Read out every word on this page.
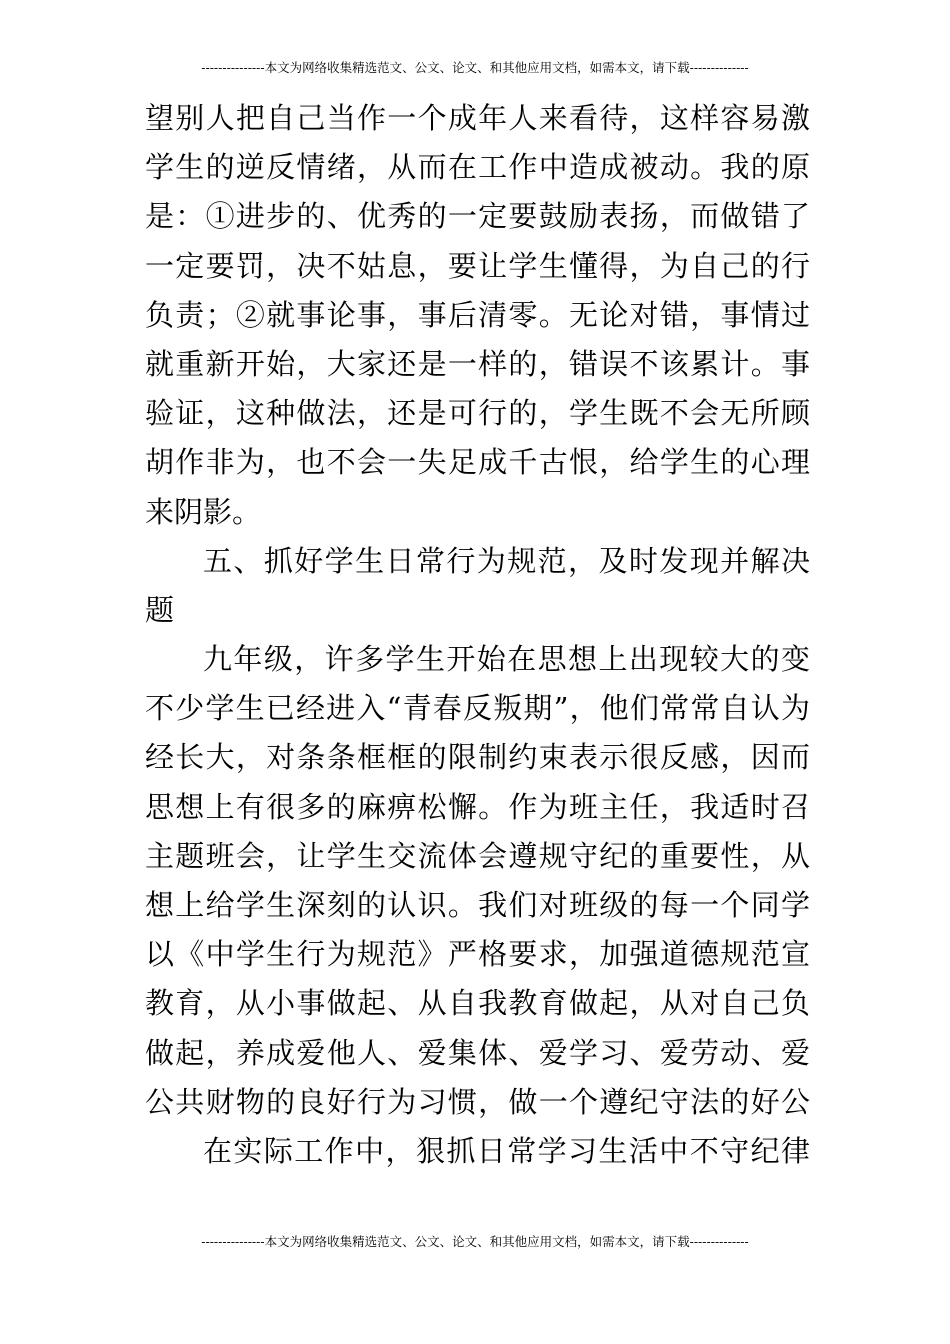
---------------本文为网络收集精选范文、公文、论文、和其他应用文档，如需本文，请下载--------------
望别人把自己当作一个成年人来看待，这样容易激
学生的逆反情绪，从而在工作中造成被动。我的原
是：①进步的、优秀的一定要鼓励表扬，而做错了
一定要罚，决不姑息，要让学生懂得，为自己的行
负责；②就事论事，事后清零。无论对错，事情过
就重新开始，大家还是一样的，错误不该累计。事
验证，这种做法，还是可行的，学生既不会无所顾
胡作非为，也不会一失足成千古恨，给学生的心理
来阴影。
五、抓好学生日常行为规范，及时发现并解决
题
九年级，许多学生开始在思想上出现较大的变
不少学生已经进入“青春反叛期”，他们常常自认为
经长大，对条条框框的限制约束表示很反感，因而
思想上有很多的麻痹松懈。作为班主任，我适时召
主题班会，让学生交流体会遵规守纪的重要性，从
想上给学生深刻的认识。我们对班级的每一个同学
以《中学生行为规范》严格要求，加强道德规范宣
教育，从小事做起、从自我教育做起，从对自己负
做起，养成爱他人、爱集体、爱学习、爱劳动、爱
公共财物的良好行为习惯，做一个遵纪守法的好公
在实际工作中，狠抓日常学习生活中不守纪律
---------------本文为网络收集精选范文、公文、论文、和其他应用文档，如需本文，请下载--------------
